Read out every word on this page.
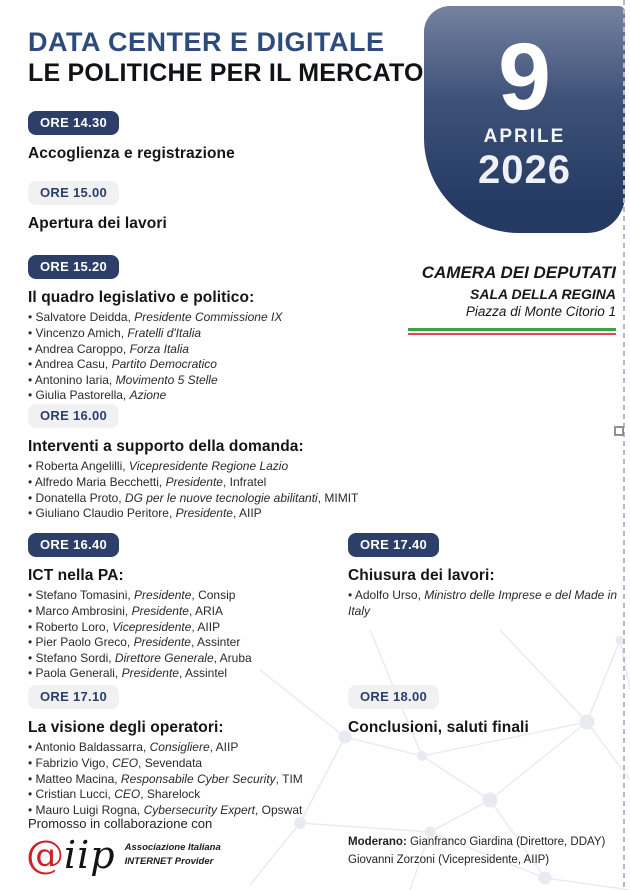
DATA CENTER E DIGITALE
LE POLITICHE PER IL MERCATO 9
APRILE
2026
CAMERA DEI DEPUTATI
SALA DELLA REGINA
Piazza di Monte Citorio 1
ORE 14.30
Accoglienza e registrazione
ORE 15.00
Apertura dei lavori
ORE 15.20
Il quadro legislativo e politico:
• Salvatore Deidda, Presidente Commissione IX
• Vincenzo Amich, Fratelli d'Italia
• Andrea Caroppo, Forza Italia
• Andrea Casu, Partito Democratico
• Antonino Iaria, Movimento 5 Stelle
• Giulia Pastorella, Azione
ORE 16.00
Interventi a supporto della domanda:
• Roberta Angelilli, Vicepresidente Regione Lazio
• Alfredo Maria Becchetti, Presidente, Infratel
• Donatella Proto, DG per le nuove tecnologie abilitanti, MIMIT
• Giuliano Claudio Peritore, Presidente, AIIP
ORE 16.40
ICT nella PA:
• Stefano Tomasini, Presidente, Consip
• Marco Ambrosini, Presidente, ARIA
• Roberto Loro, Vicepresidente, AIIP
• Pier Paolo Greco, Presidente, Assinter
• Stefano Sordi, Direttore Generale, Aruba
• Paola Generali, Presidente, Assintel
ORE 17.10
La visione degli operatori:
• Antonio Baldassarra, Consigliere, AIIP
• Fabrizio Vigo, CEO, Sevendata
• Matteo Macina, Responsabile Cyber Security, TIM
• Cristian Lucci, CEO, Sharelock
• Mauro Luigi Rogna, Cybersecurity Expert, Opswat
ORE 17.40
Chiusura dei lavori:
• Adolfo Urso, Ministro delle Imprese e del Made in Italy
ORE 18.00
Conclusioni, saluti finali
Promosso in collaborazione con
@ iip Associazione Italiana
INTERNET Provider
Moderano: Gianfranco Giardina (Direttore, DDAY)
Giovanni Zorzoni (Vicepresidente, AIIP)
